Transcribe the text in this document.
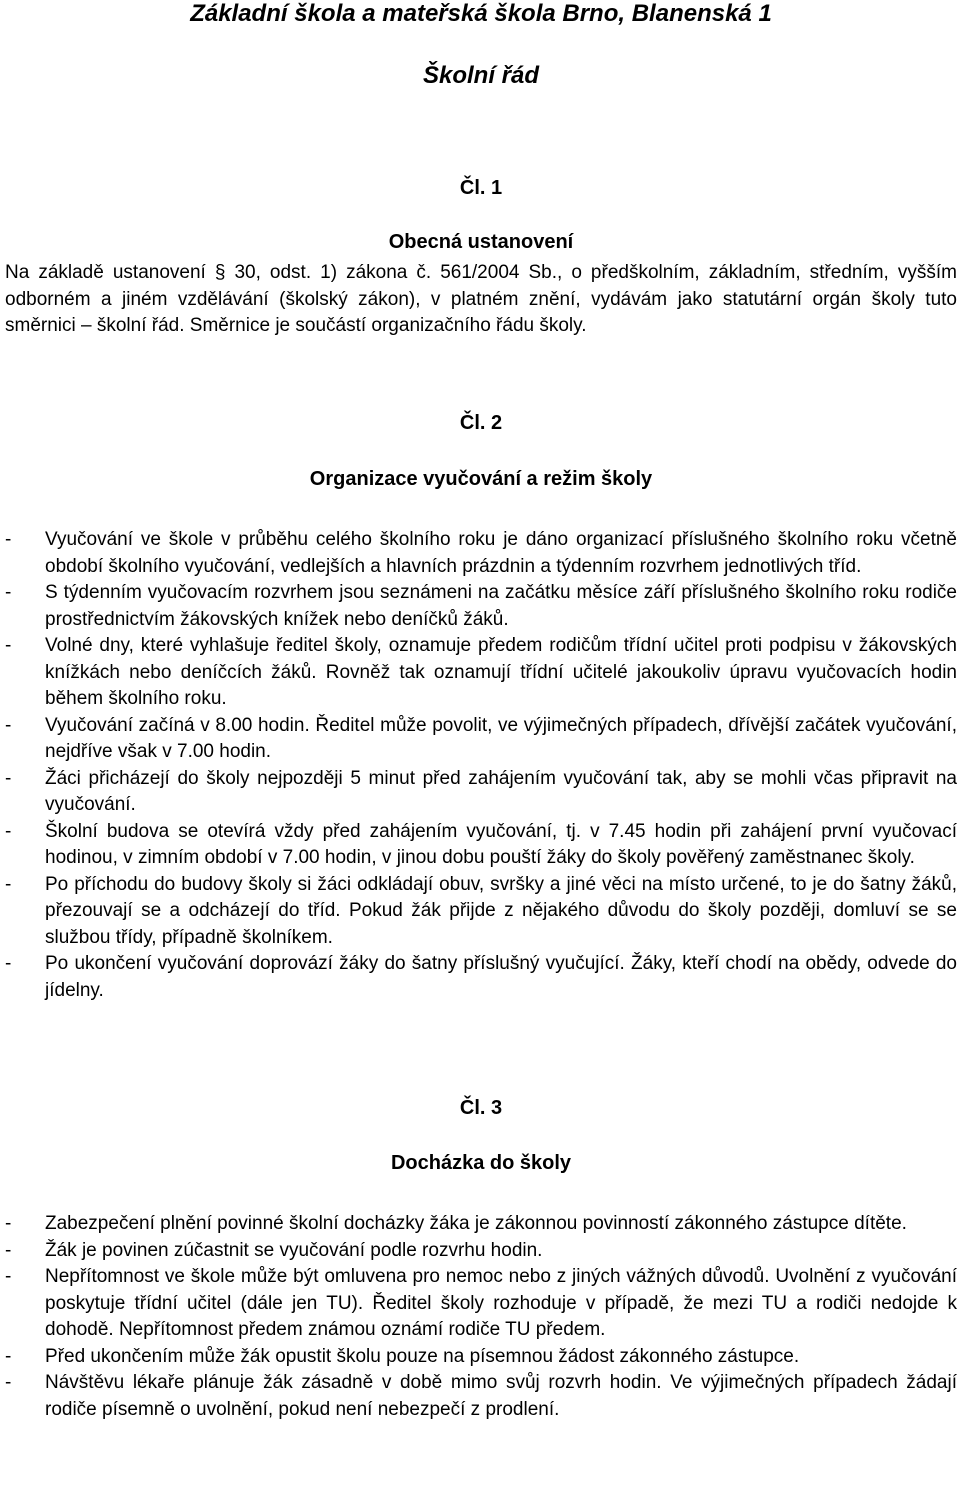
Základní škola a mateřská škola Brno, Blanenská 1
Školní řád
Čl. 1
Obecná ustanovení

Na základě ustanovení § 30, odst. 1) zákona č. 561/2004 Sb., o předškolním, základním, středním, vyšším odborném a jiném vzdělávání (školský zákon), v platném znění, vydávám jako statutární orgán školy tuto směrnici – školní řád. Směrnice je součástí organizačního řádu školy.

Čl. 2
Organizace vyučování a režim školy
- Vyučování ve škole v průběhu celého školního roku je dáno organizací příslušného školního roku včetně období školního vyučování, vedlejších a hlavních prázdnin a týdenním rozvrhem jednotlivých tříd.
- S týdenním vyučovacím rozvrhem jsou seznámeni na začátku měsíce září příslušného školního roku rodiče prostřednictvím žákovských knížek nebo deníčků žáků.
- Volné dny, které vyhlašuje ředitel školy, oznamuje předem rodičům třídní učitel proti podpisu v žákovských knížkách nebo deníčcích žáků. Rovněž tak oznamují třídní učitelé jakoukoliv úpravu vyučovacích hodin během školního roku.
- Vyučování začíná v 8.00 hodin. Ředitel může povolit, ve výjimečných případech, dřívější začátek vyučování, nejdříve však v 7.00 hodin.
- Žáci přicházejí do školy nejpozději 5 minut před zahájením vyučování tak, aby se mohli včas připravit na vyučování.
- Školní budova se otevírá vždy před zahájením vyučování, tj. v 7.45 hodin při zahájení první vyučovací hodinou, v zimním období v 7.00 hodin, v jinou dobu pouští žáky do školy pověřený zaměstnanec školy.
- Po příchodu do budovy školy si žáci odkládají obuv, svršky a jiné věci na místo určené, to je do šatny žáků, přezouvají se a odcházejí do tříd. Pokud žák přijde z nějakého důvodu do školy později, domluví se se službou třídy, případně školníkem.
- Po ukončení vyučování doprovází žáky do šatny příslušný vyučující. Žáky, kteří chodí na obědy, odvede do jídelny.
Čl. 3
Docházka do školy
- Zabezpečení plnění povinné školní docházky žáka je zákonnou povinností zákonného zástupce dítěte.
- Žák je povinen zúčastnit se vyučování podle rozvrhu hodin.
- Nepřítomnost ve škole může být omluvena pro nemoc nebo z jiných vážných důvodů. Uvolnění z vyučování poskytuje třídní učitel (dále jen TU). Ředitel školy rozhoduje v případě, že mezi TU a rodiči nedojde k dohodě. Nepřítomnost předem známou oznámí rodiče TU předem.
- Před ukončením může žák opustit školu pouze na písemnou žádost zákonného zástupce.
- Návštěvu lékaře plánuje žák zásadně v době mimo svůj rozvrh hodin. Ve výjimečných případech žádají rodiče písemně o uvolnění, pokud není nebezpečí z prodlení.
